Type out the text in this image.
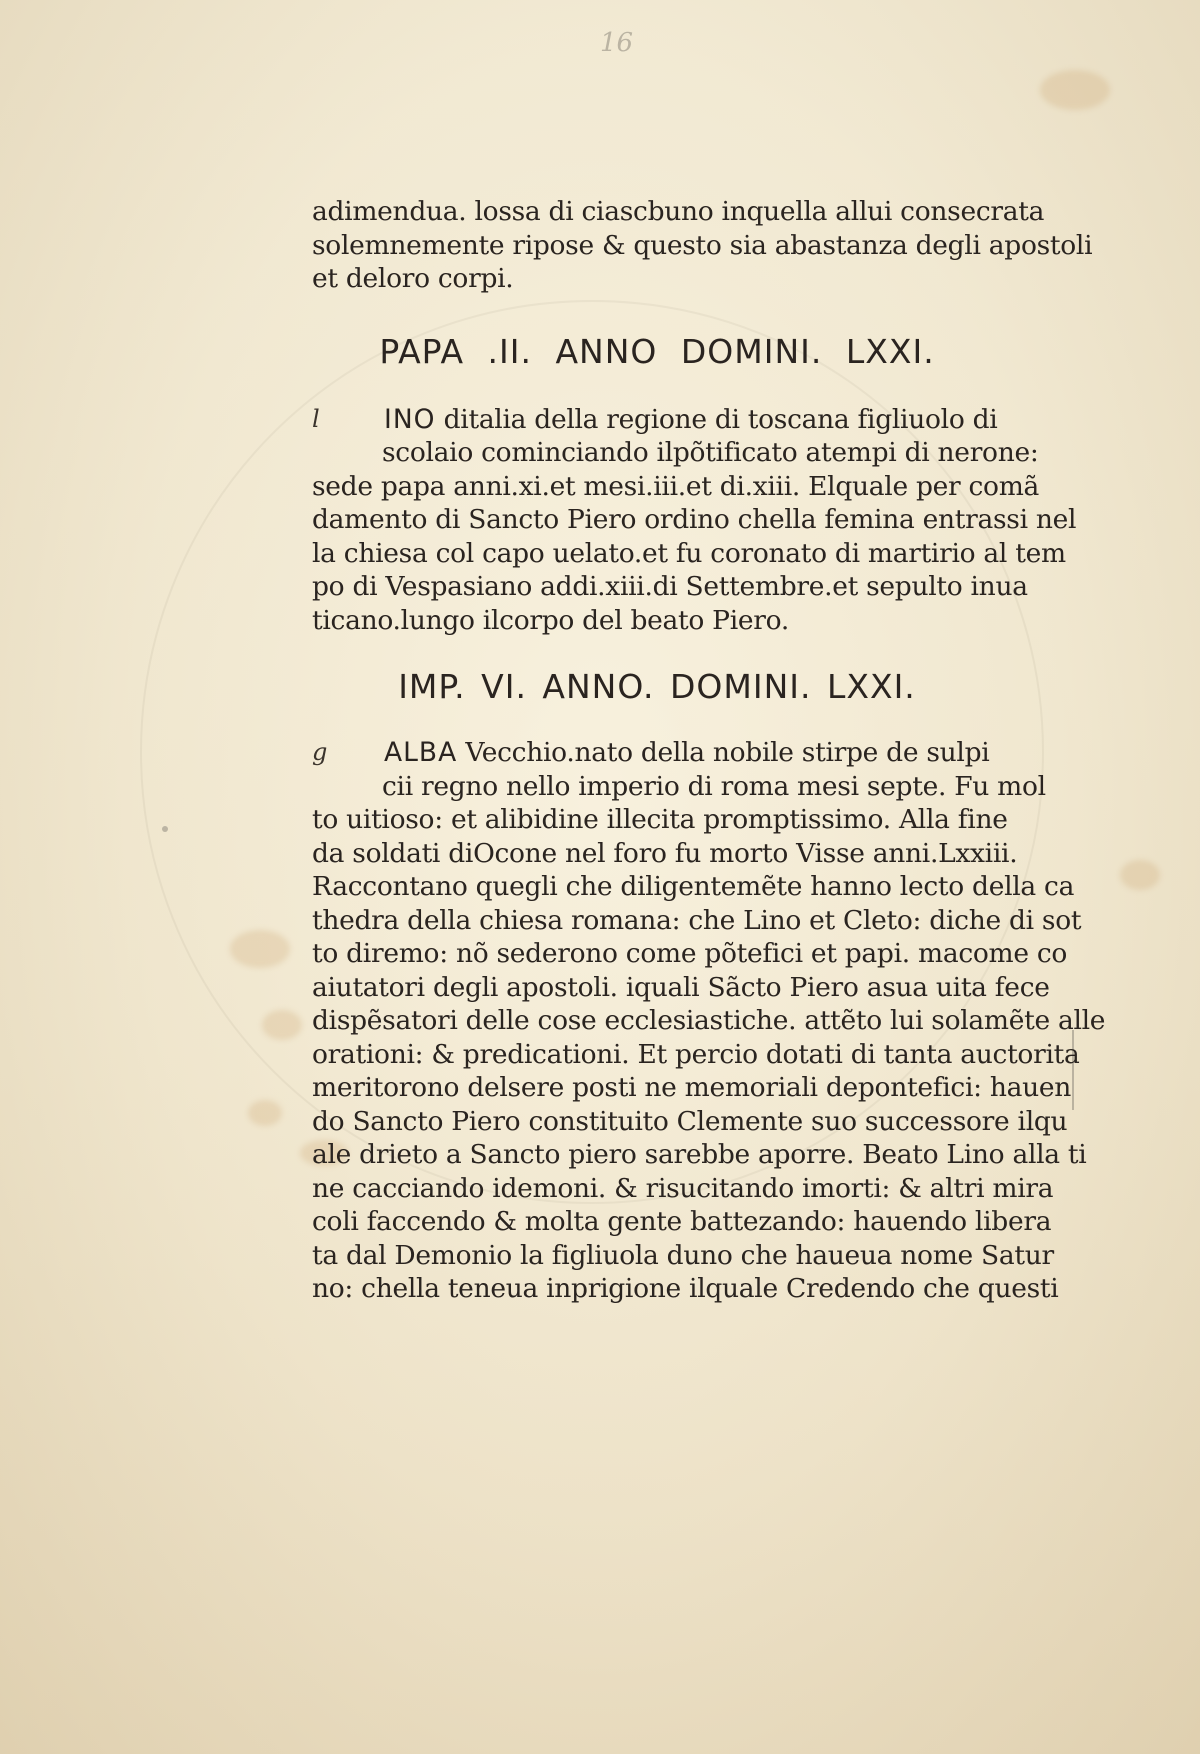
16
adimendua. lossa di ciascbuno inquella allui consecrata
solemnemente ripose & questo sia abastanza degli apostoli
et deloro corpi.
PAPA .II. ANNO DOMINI. LXXI.
l INO ditalia della regione di toscana figliuolo di
scolaio cominciando ilpõtificato atempi di nerone:
sede papa anni.xi.et mesi.iii.et di.xiii. Elquale per comã
damento di Sancto Piero ordino chella femina entrassi nel
la chiesa col capo uelato.et fu coronato di martirio al tem
po di Vespasiano addi.xiii.di Settembre.et sepulto inua
ticano.lungo ilcorpo del beato Piero.
IMP. VI. ANNO. DOMINI. LXXI.
g ALBA Vecchio.nato della nobile stirpe de sulpi
cii regno nello imperio di roma mesi septe. Fu mol
to uitioso: et alibidine illecita promptissimo. Alla fine
da soldati diOcone nel foro fu morto Visse anni.Lxxiii.
Raccontano quegli che diligentemẽte hanno lecto della ca
thedra della chiesa romana: che Lino et Cleto: diche di sot
to diremo: nõ sederono come põtefici et papi. macome co
aiutatori degli apostoli. iquali Sãcto Piero asua uita fece
dispẽsatori delle cose ecclesiastiche. attẽto lui solamẽte alle
orationi: & predicationi. Et percio dotati di tanta auctorita
meritorono delsere posti ne memoriali depontefici: hauen
do Sancto Piero constituito Clemente suo successore ilqu
ale drieto a Sancto piero sarebbe aporre. Beato Lino alla ti
ne cacciando idemoni. & risucitando imorti: & altri mira
coli faccendo & molta gente battezando: hauendo libera
ta dal Demonio la figliuola duno che haueua nome Satur
no: chella teneua inprigione ilquale Credendo che questi
